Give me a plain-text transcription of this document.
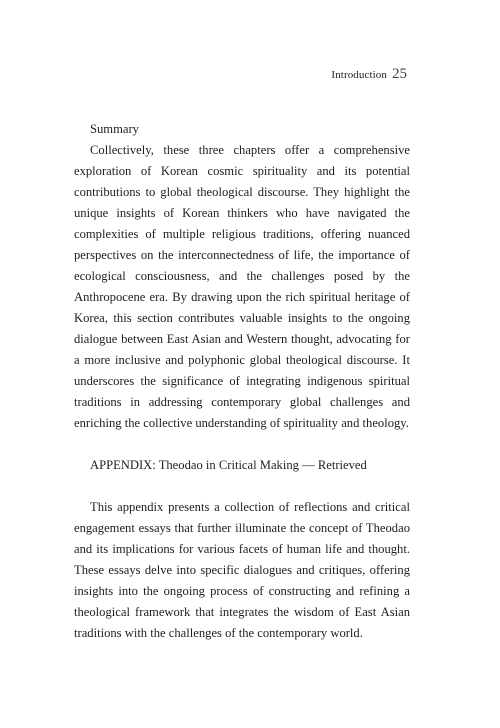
Introduction 25

Summary

Collectively, these three chapters offer a comprehensive exploration of Korean cosmic spirituality and its potential contributions to global theological discourse. They highlight the unique insights of Korean thinkers who have navigated the complexities of multiple religious traditions, offering nuanced perspectives on the interconnectedness of life, the importance of ecological consciousness, and the challenges posed by the Anthropocene era. By drawing upon the rich spiritual heritage of Korea, this section contributes valuable insights to the ongoing dialogue between East Asian and Western thought, advocating for a more inclusive and polyphonic global theological discourse. It underscores the significance of integrating indigenous spiritual traditions in addressing contemporary global challenges and enriching the collective understanding of spirituality and theology.

APPENDIX: Theodao in Critical Making — Retrieved

This appendix presents a collection of reflections and critical engagement essays that further illuminate the concept of Theodao and its implications for various facets of human life and thought. These essays delve into specific dialogues and critiques, offering insights into the ongoing process of constructing and refining a theological framework that integrates the wisdom of East Asian traditions with the challenges of the contemporary world.
